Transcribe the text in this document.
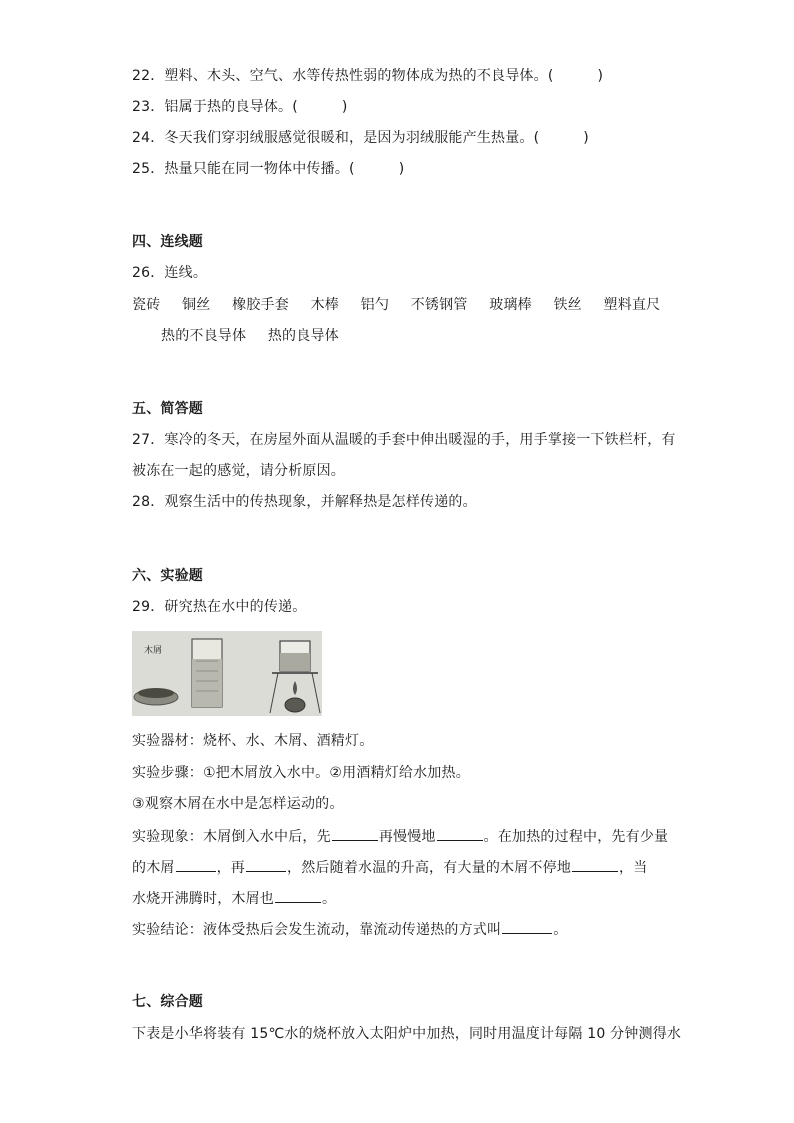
22．塑料、木头、空气、水等传热性弱的物体成为热的不良导体。(	)
23．铝属于热的良导体。(	)
24．冬天我们穿羽绒服感觉很暖和，是因为羽绒服能产生热量。(	)
25．热量只能在同一物体中传播。(	)
四、连线题
26．连线。
瓷砖 铜丝 橡胶手套 木棒 铝勺 不锈钢管 玻璃棒 铁丝 塑料直尺
热的不良导体 热的良导体
五、简答题
27．寒冷的冬天，在房屋外面从温暖的手套中伸出暖湿的手，用手掌接一下铁栏杆，有
被冻在一起的感觉，请分析原因。
28．观察生活中的传热现象，并解释热是怎样传递的。
六、实验题
29．研究热在水中的传递。
木屑
实验器材：烧杯、水、木屑、酒精灯。
实验步骤：①把木屑放入水中。②用酒精灯给水加热。
③观察木屑在水中是怎样运动的。
实验现象：木屑倒入水中后，先	再慢慢地	。在加热的过程中，先有少量
的木屑	，再	，然后随着水温的升高，有大量的木屑不停地	，当
水烧开沸腾时，木屑也	。
实验结论：液体受热后会发生流动，靠流动传递热的方式叫	。
七、综合题
下表是小华将装有 15℃水的烧杯放入太阳炉中加热，同时用温度计每隔 10 分钟测得水
